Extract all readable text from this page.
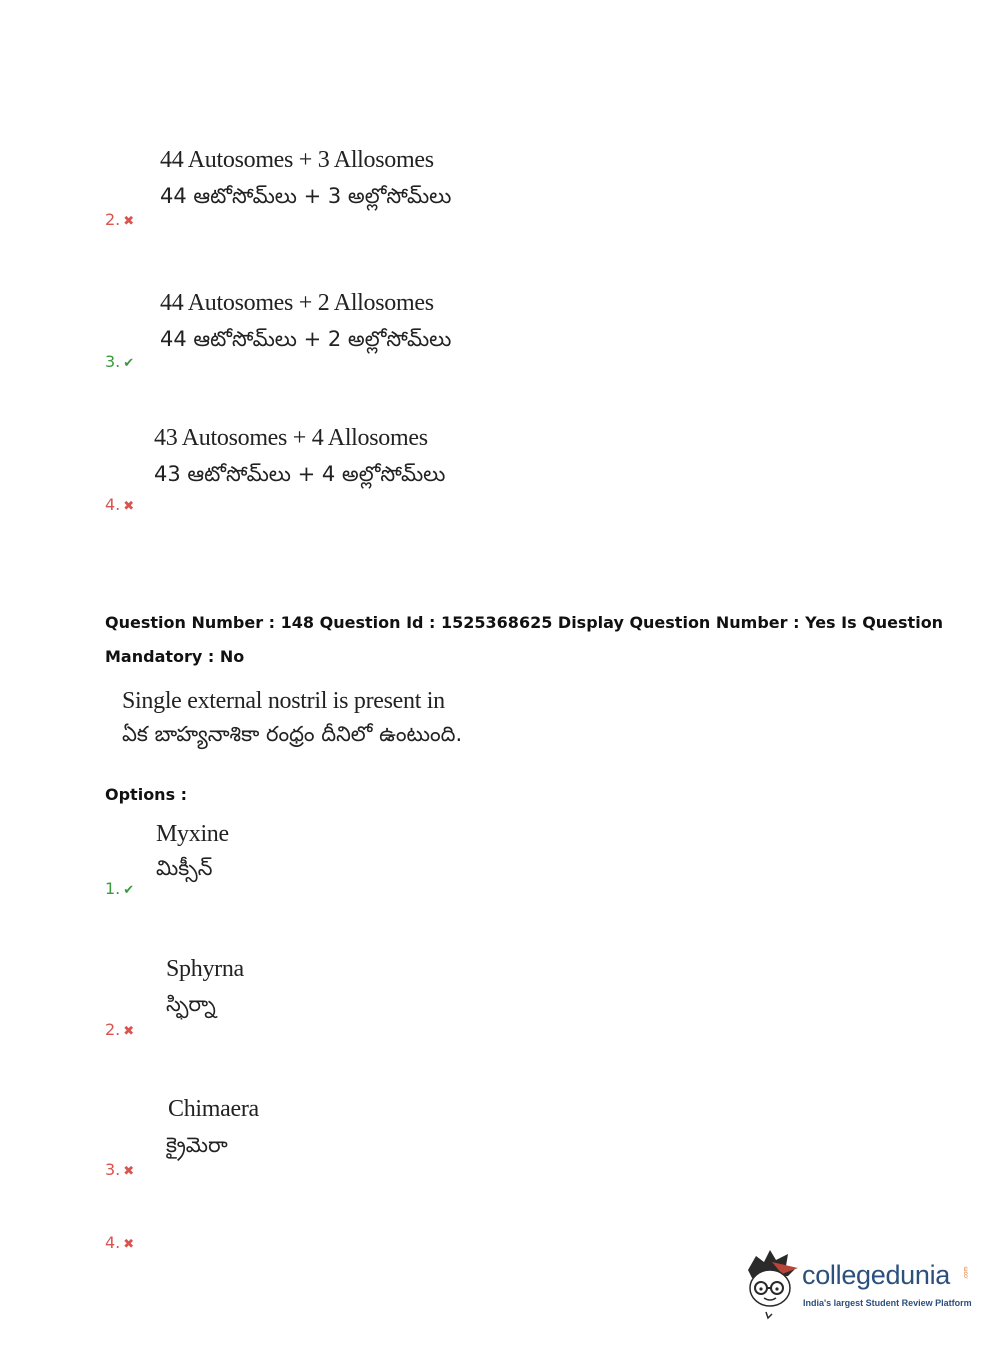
44 Autosomes + 3 Allosomes
44 ఆటోసోమ్‌లు + 3 అల్లోసోమ్‌లు
2. ✖
44 Autosomes + 2 Allosomes
44 ఆటోసోమ్‌లు + 2 అల్లోసోమ్‌లు
3. ✔
43 Autosomes + 4 Allosomes
43 ఆటోసోమ్‌లు + 4 అల్లోసోమ్‌లు
4. ✖
Question Number : 148 Question Id : 1525368625 Display Question Number : Yes Is Question
Mandatory : No
Single external nostril is present in
ఏక బాహ్యనాశికా రంధ్రం దీనిలో ఉంటుంది.
Options :
Myxine
మిక్సీన్
1. ✔
Sphyrna
స్ఫిర్నా
2. ✖
Chimaera
క్రైమెరా
3. ✖
4. ✖
collegedunia .com
India's largest Student Review Platform
